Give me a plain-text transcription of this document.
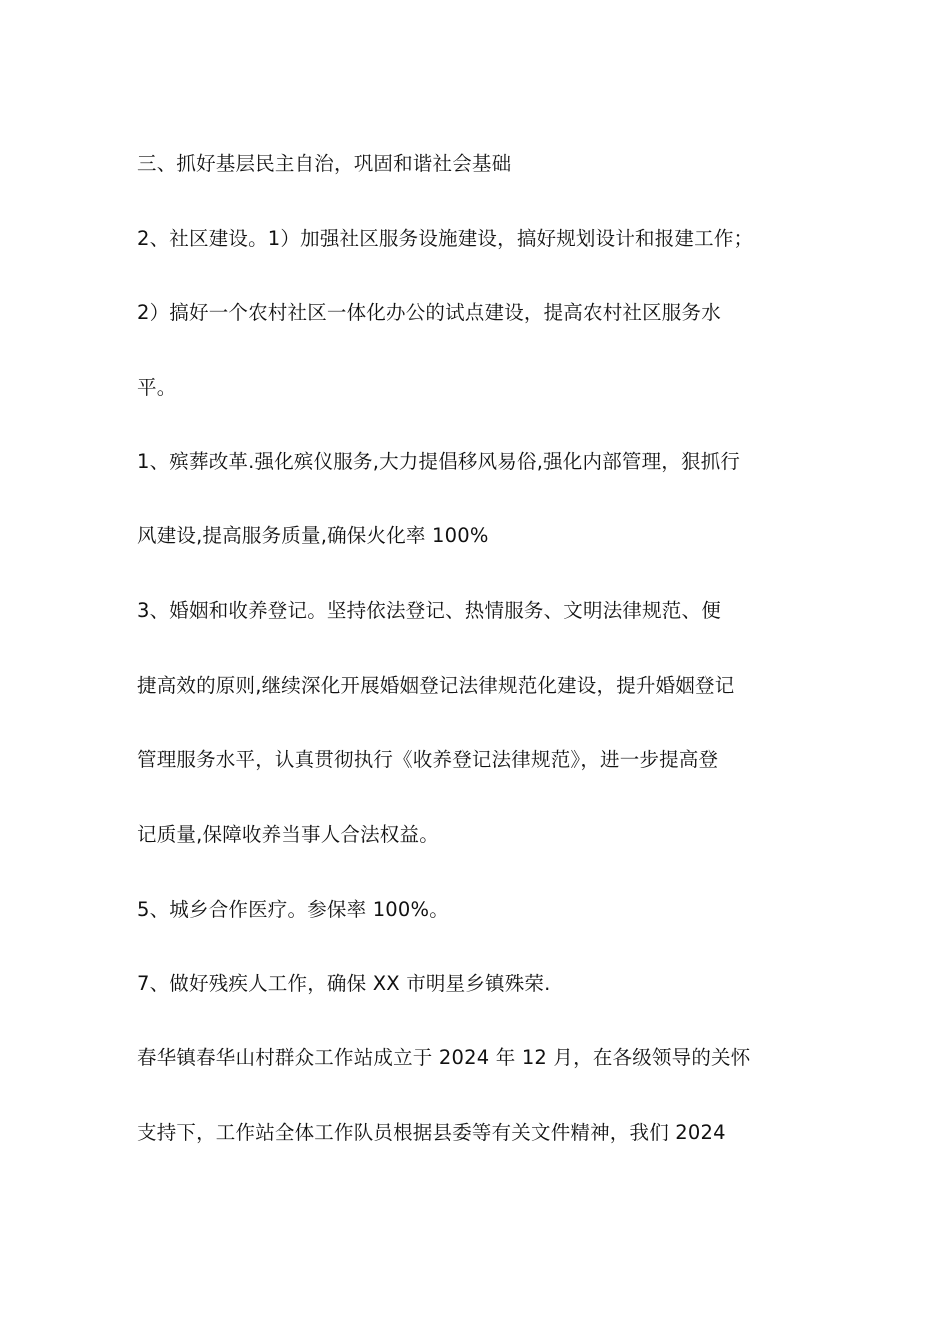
三、抓好基层民主自治，巩固和谐社会基础
2、社区建设。1）加强社区服务设施建设，搞好规划设计和报建工作；
2）搞好一个农村社区一体化办公的试点建设，提高农村社区服务水
平。
1、殡葬改革.强化殡仪服务,大力提倡移风易俗,强化内部管理，狠抓行
风建设,提高服务质量,确保火化率 100%
3、婚姻和收养登记。坚持依法登记、热情服务、文明法律规范、便
捷高效的原则,继续深化开展婚姻登记法律规范化建设，提升婚姻登记
管理服务水平，认真贯彻执行《收养登记法律规范》，进一步提高登
记质量,保障收养当事人合法权益。
5、城乡合作医疗。参保率 100%。
7、做好残疾人工作，确保 XX 市明星乡镇殊荣.
春华镇春华山村群众工作站成立于 2024 年 12 月，在各级领导的关怀
支持下，工作站全体工作队员根据县委等有关文件精神，我们 2024
